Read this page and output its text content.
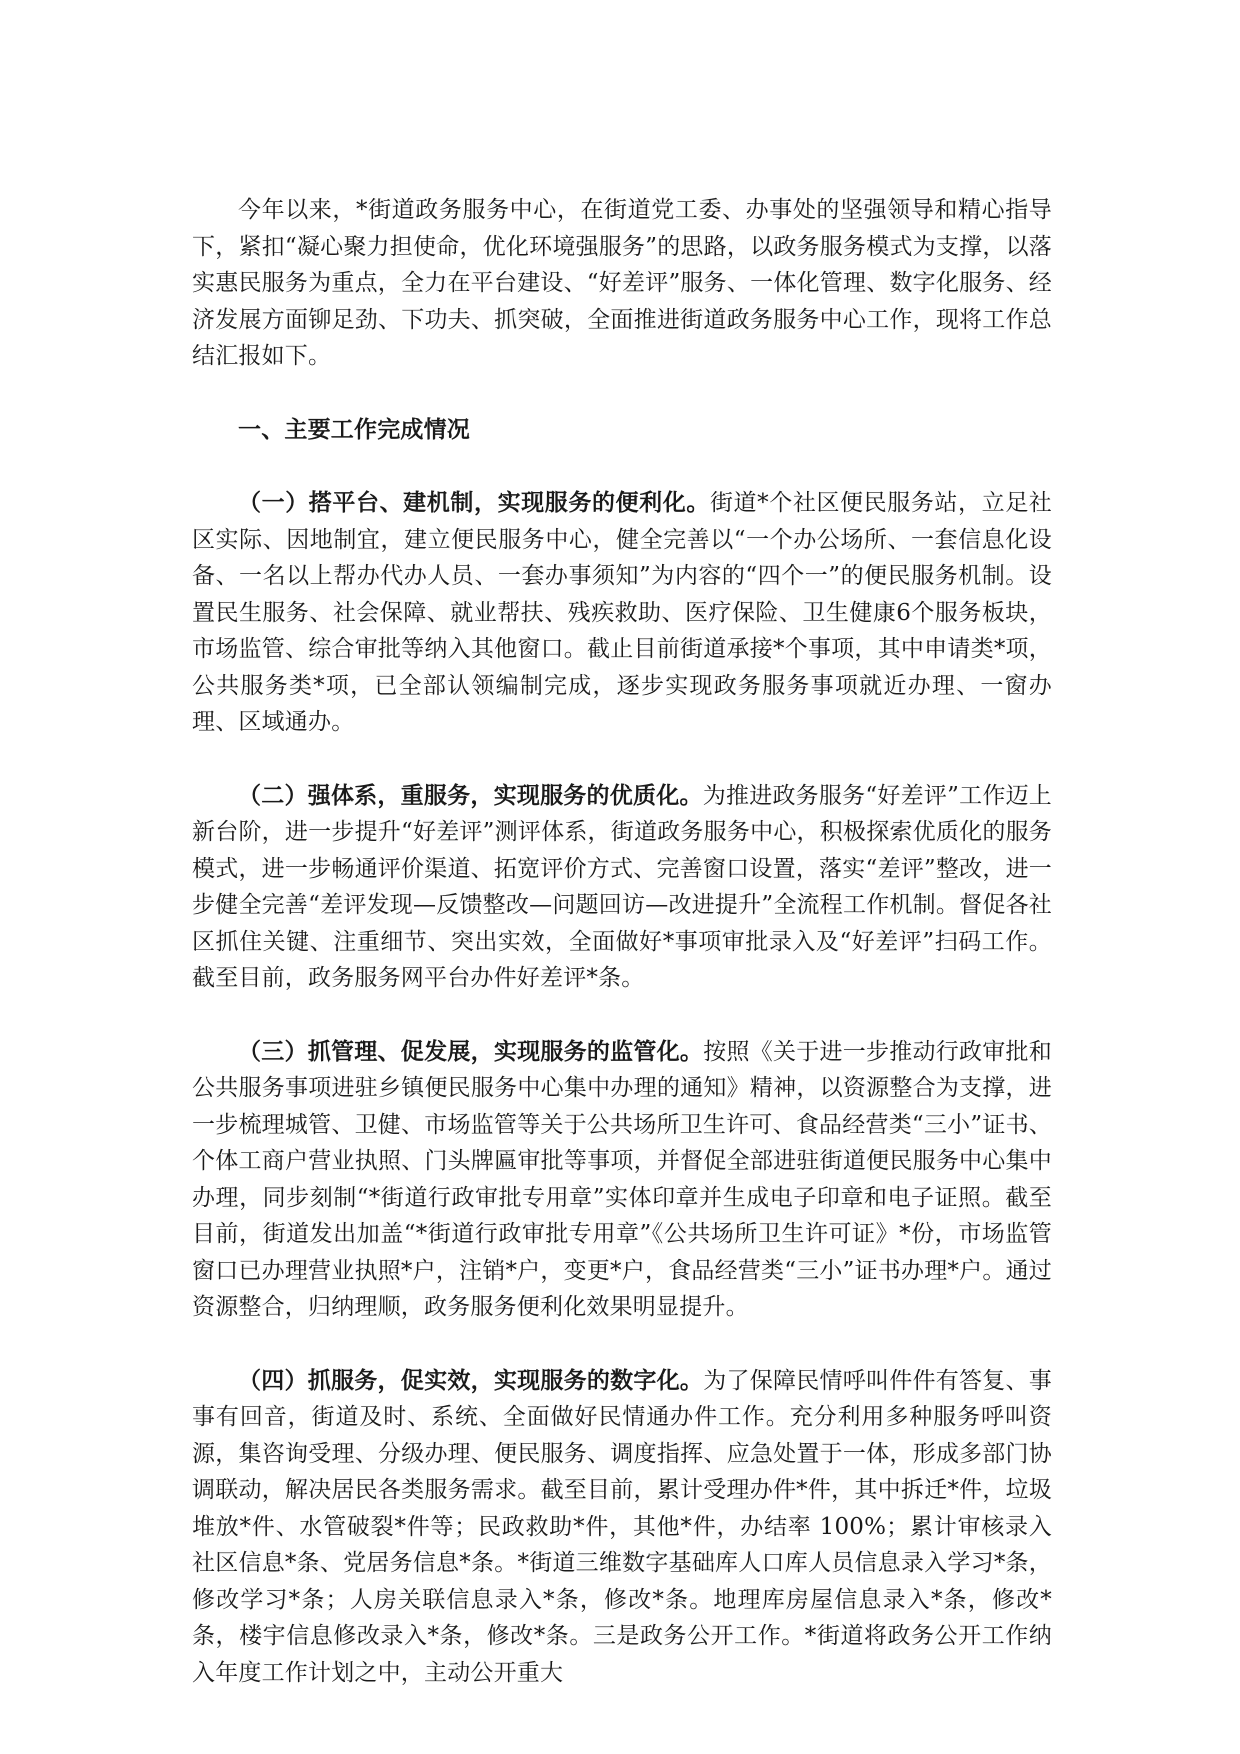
今年以来，*街道政务服务中心，在街道党工委、办事处的坚强领导和精心指导下，紧扣“凝心聚力担使命，优化环境强服务”的思路，以政务服务模式为支撑，以落实惠民服务为重点，全力在平台建设、“好差评”服务、一体化管理、数字化服务、经济发展方面铆足劲、下功夫、抓突破，全面推进街道政务服务中心工作，现将工作总结汇报如下。

一、主要工作完成情况

（一）搭平台、建机制，实现服务的便利化。街道*个社区便民服务站，立足社区实际、因地制宜，建立便民服务中心，健全完善以“一个办公场所、一套信息化设备、一名以上帮办代办人员、一套办事须知”为内容的“四个一”的便民服务机制。设置民生服务、社会保障、就业帮扶、残疾救助、医疗保险、卫生健康6个服务板块，市场监管、综合审批等纳入其他窗口。截止目前街道承接*个事项，其中申请类*项，公共服务类*项，已全部认领编制完成，逐步实现政务服务事项就近办理、一窗办理、区域通办。

（二）强体系，重服务，实现服务的优质化。为推进政务服务“好差评”工作迈上新台阶，进一步提升“好差评”测评体系，街道政务服务中心，积极探索优质化的服务模式，进一步畅通评价渠道、拓宽评价方式、完善窗口设置，落实“差评”整改，进一步健全完善“差评发现—反馈整改—问题回访—改进提升”全流程工作机制。督促各社区抓住关键、注重细节、突出实效，全面做好*事项审批录入及“好差评”扫码工作。截至目前，政务服务网平台办件好差评*条。

（三）抓管理、促发展，实现服务的监管化。按照《关于进一步推动行政审批和公共服务事项进驻乡镇便民服务中心集中办理的通知》精神，以资源整合为支撑，进一步梳理城管、卫健、市场监管等关于公共场所卫生许可、食品经营类“三小”证书、个体工商户营业执照、门头牌匾审批等事项，并督促全部进驻街道便民服务中心集中办理，同步刻制“*街道行政审批专用章”实体印章并生成电子印章和电子证照。截至目前，街道发出加盖“*街道行政审批专用章”《公共场所卫生许可证》*份，市场监管窗口已办理营业执照*户，注销*户，变更*户，食品经营类“三小”证书办理*户。通过资源整合，归纳理顺，政务服务便利化效果明显提升。

（四）抓服务，促实效，实现服务的数字化。为了保障民情呼叫件件有答复、事事有回音，街道及时、系统、全面做好民情通办件工作。充分利用多种服务呼叫资源，集咨询受理、分级办理、便民服务、调度指挥、应急处置于一体，形成多部门协调联动，解决居民各类服务需求。截至目前，累计受理办件*件，其中拆迁*件，垃圾堆放*件、水管破裂*件等；民政救助*件，其他*件，办结率 100%；累计审核录入社区信息*条、党居务信息*条。*街道三维数字基础库人口库人员信息录入学习*条，修改学习*条；人房关联信息录入*条，修改*条。地理库房屋信息录入*条，修改*条，楼宇信息修改录入*条，修改*条。三是政务公开工作。*街道将政务公开工作纳入年度工作计划之中，主动公开重大
